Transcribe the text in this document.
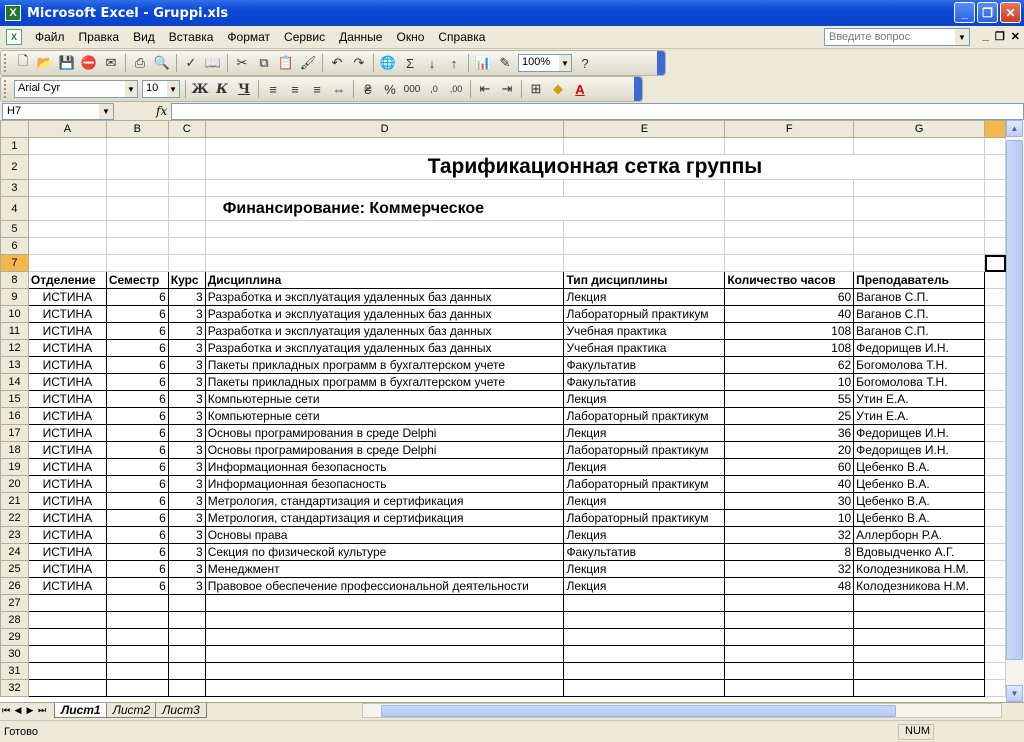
X Microsoft Excel - Gruppi.xls	_	❐	✕
X	Файл	Правка	Вид	Вставка	Формат	Сервис	Данные	Окно	Справка	Введите вопрос	▼ _ ❐ ✕
🗋 📂 💾 ⛔ ✉	⎙ 🔍	✓ 📖	✂ ⧉ 📋 🖌	↶ ↷	🌐 Σ	↓	↑	📊 ✎	100% ▼ ?
Arial Cyr	▼	10 ▼ Ж К Ч	≡	≡	≡ ⇔	₴ % 000	,0	,00	⇤ ⇥	⊞ ◆ A
H7	▼	fx
	A	B	C	D	E	F	G	
1								
2				Тарификационная сетка группы				
3								
4				Финансирование: Коммерческое				
5								
6								
7								
8	Отделение	Семестр	Курс	Дисциплина	Тип дисциплины	Количество часов	Преподаватель	
9	ИСТИНА	6	3	Разработка и эксплуатация удаленных баз данных	Лекция	60	Ваганов С.П.	
10	ИСТИНА	6	3	Разработка и эксплуатация удаленных баз данных	Лабораторный практикум	40	Ваганов С.П.	
11	ИСТИНА	6	3	Разработка и эксплуатация удаленных баз данных	Учебная практика	108	Ваганов С.П.	
12	ИСТИНА	6	3	Разработка и эксплуатация удаленных баз данных	Учебная практика	108	Федорищев И.Н.	
13	ИСТИНА	6	3	Пакеты прикладных программ в бухгалтерском учете	Факультатив	62	Богомолова Т.Н.	
14	ИСТИНА	6	3	Пакеты прикладных программ в бухгалтерском учете	Факультатив	10	Богомолова Т.Н.	
15	ИСТИНА	6	3	Компьютерные сети	Лекция	55	Утин Е.А.	
16	ИСТИНА	6	3	Компьютерные сети	Лабораторный практикум	25	Утин Е.А.	
17	ИСТИНА	6	3	Основы програмирования в среде Delphi	Лекция	36	Федорищев И.Н.	
18	ИСТИНА	6	3	Основы програмирования в среде Delphi	Лабораторный практикум	20	Федорищев И.Н.	
19	ИСТИНА	6	3	Информационная безопасность	Лекция	60	Цебенко В.А.	
20	ИСТИНА	6	3	Информационная безопасность	Лабораторный практикум	40	Цебенко В.А.	
21	ИСТИНА	6	3	Метрология, стандартизация и сертификация	Лекция	30	Цебенко В.А.	
22	ИСТИНА	6	3	Метрология, стандартизация и сертификация	Лабораторный практикум	10	Цебенко В.А.	
23	ИСТИНА	6	3	Основы права	Лекция	32	Аллерборн Р.А.	
24	ИСТИНА	6	3	Секция по физической культуре	Факультатив	8	Вдовыдченко А.Г.	
25	ИСТИНА	6	3	Менеджмент	Лекция	32	Колодезникова Н.М.	
26	ИСТИНА	6	3	Правовое обеспечение профессиональной деятельности	Лекция	48	Колодезникова Н.М.	
27								
28								
29								
30								
31								
32								
▲
▼
⏮ ◀ ▶ ⏭	Лист1	Лист2	Лист3
Готово	NUM
